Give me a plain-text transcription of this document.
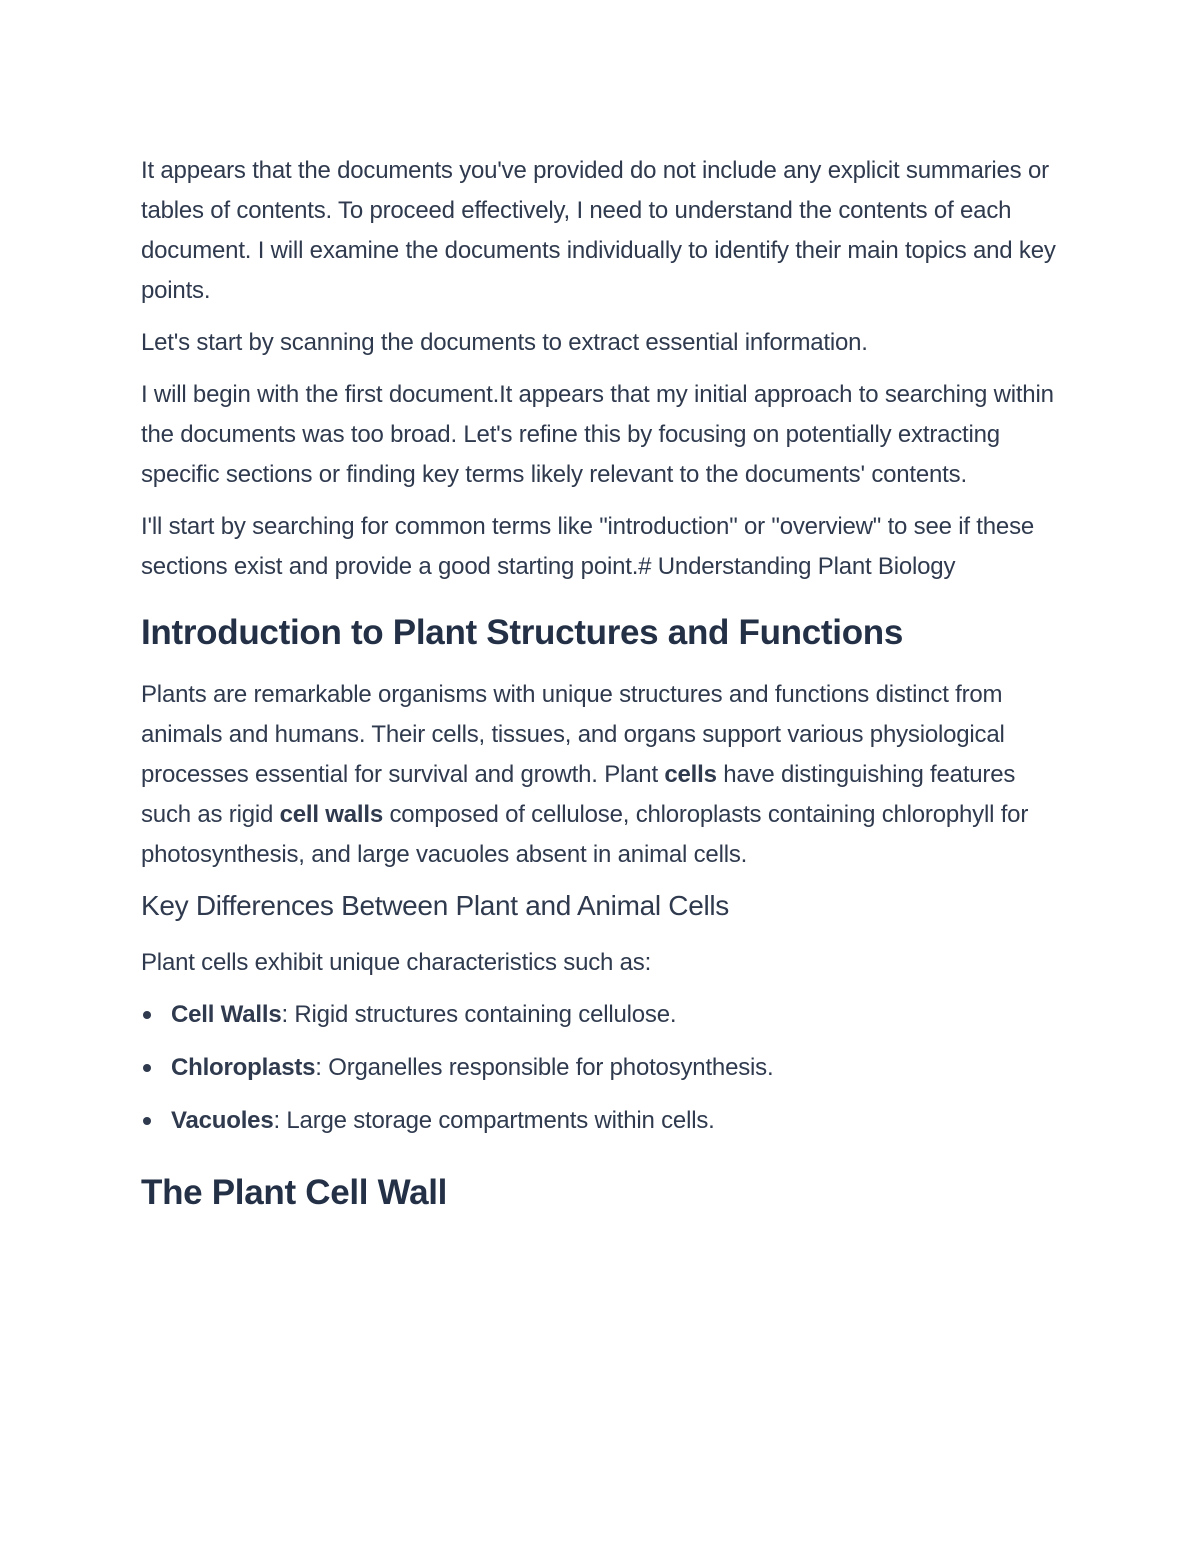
It appears that the documents you've provided do not include any explicit summaries or tables of contents. To proceed effectively, I need to understand the contents of each document. I will examine the documents individually to identify their main topics and key points.

Let's start by scanning the documents to extract essential information.

I will begin with the first document.It appears that my initial approach to searching within the documents was too broad. Let's refine this by focusing on potentially extracting specific sections or finding key terms likely relevant to the documents' contents.

I'll start by searching for common terms like "introduction" or "overview" to see if these sections exist and provide a good starting point.# Understanding Plant Biology

Introduction to Plant Structures and Functions

Plants are remarkable organisms with unique structures and functions distinct from animals and humans. Their cells, tissues, and organs support various physiological processes essential for survival and growth. Plant cells have distinguishing features such as rigid cell walls composed of cellulose, chloroplasts containing chlorophyll for photosynthesis, and large vacuoles absent in animal cells.

Key Differences Between Plant and Animal Cells

Plant cells exhibit unique characteristics such as:

Cell Walls: Rigid structures containing cellulose.
Chloroplasts: Organelles responsible for photosynthesis.
Vacuoles: Large storage compartments within cells.
The Plant Cell Wall
